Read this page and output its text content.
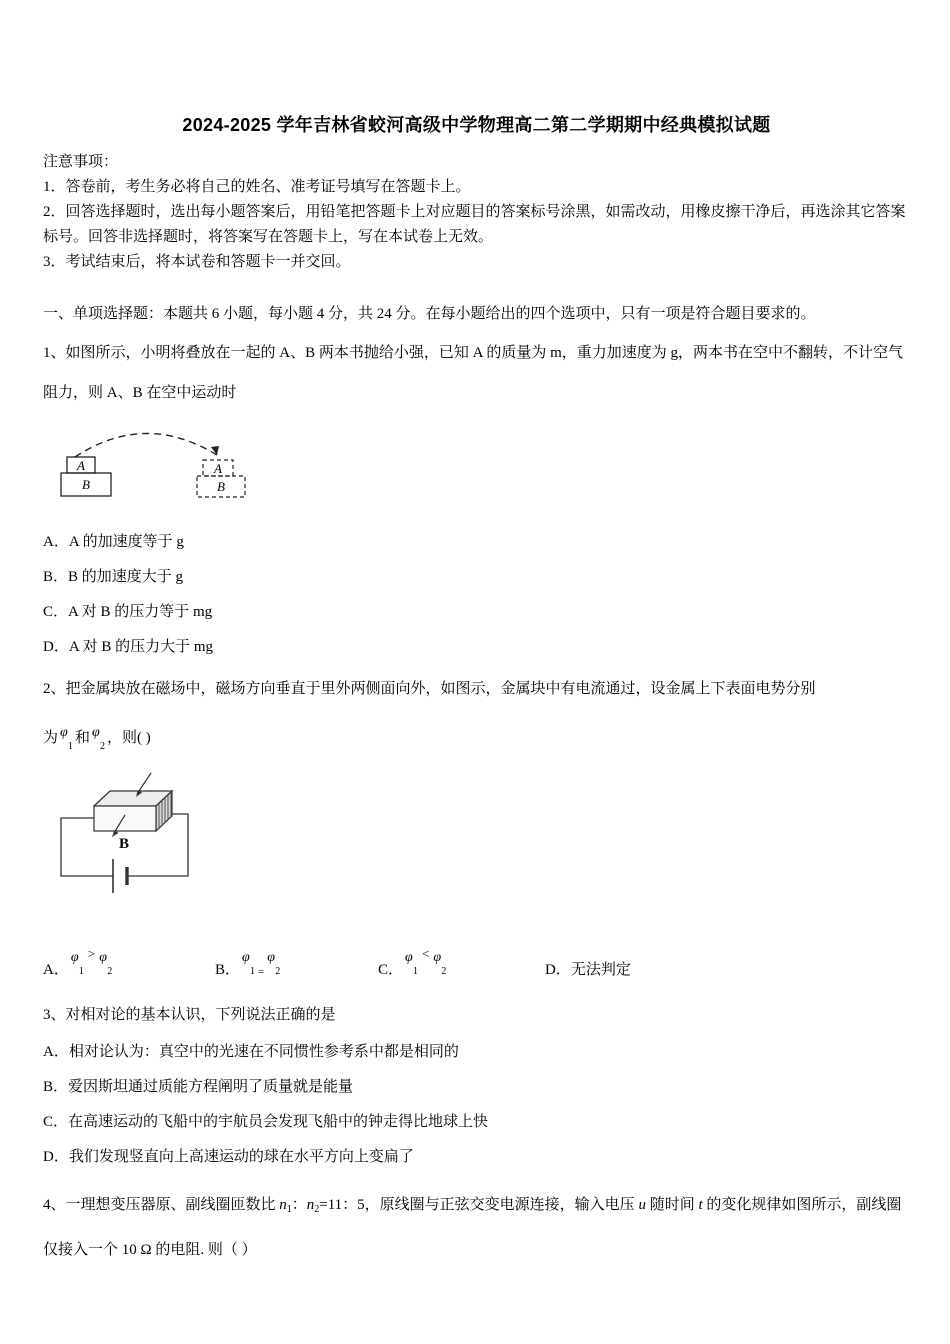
2024-2025 学年吉林省蛟河高级中学物理高二第二学期期中经典模拟试题
注意事项：
1．答卷前，考生务必将自己的姓名、准考证号填写在答题卡上。
2．回答选择题时，选出每小题答案后，用铅笔把答题卡上对应题目的答案标号涂黑，如需改动，用橡皮擦干净后，再选涂其它答案标号。回答非选择题时，将答案写在答题卡上，写在本试卷上无效。
3．考试结束后，将本试卷和答题卡一并交回。
一、单项选择题：本题共 6 小题，每小题 4 分，共 24 分。在每小题给出的四个选项中，只有一项是符合题目要求的。
1、如图所示，小明将叠放在一起的 A、B 两本书抛给小强，已知 A 的质量为 m，重力加速度为 g，两本书在空中不翻转，不计空气阻力，则 A、B 在空中运动时
A
B
A
B
A．A 的加速度等于 g
B．B 的加速度大于 g
C．A 对 B 的压力等于 mg
D．A 对 B 的压力大于 mg
2、把金属块放在磁场中，磁场方向垂直于里外两侧面向外，如图示，金属块中有电流通过，设金属上下表面电势分别
为 φ
1
和 φ
2
，则( )
B
A．
φ
1
> φ
2	B．
φ
1 =
φ
2	C．
φ
1
< φ
2	D． 无法判定
3、对相对论的基本认识，下列说法正确的是
A．相对论认为：真空中的光速在不同惯性参考系中都是相同的
B．爱因斯坦通过质能方程阐明了质量就是能量
C．在高速运动的飞船中的宇航员会发现飞船中的钟走得比地球上快
D．我们发现竖直向上高速运动的球在水平方向上变扁了
4、一理想变压器原、副线圈匝数比 $n_1$：$n_2=11$：5，原线圈与正弦交变电源连接，输入电压 u 随时间 t 的变化规律如图所示，副线圈仅接入一个 10 Ω 的电阻. 则（ ）
